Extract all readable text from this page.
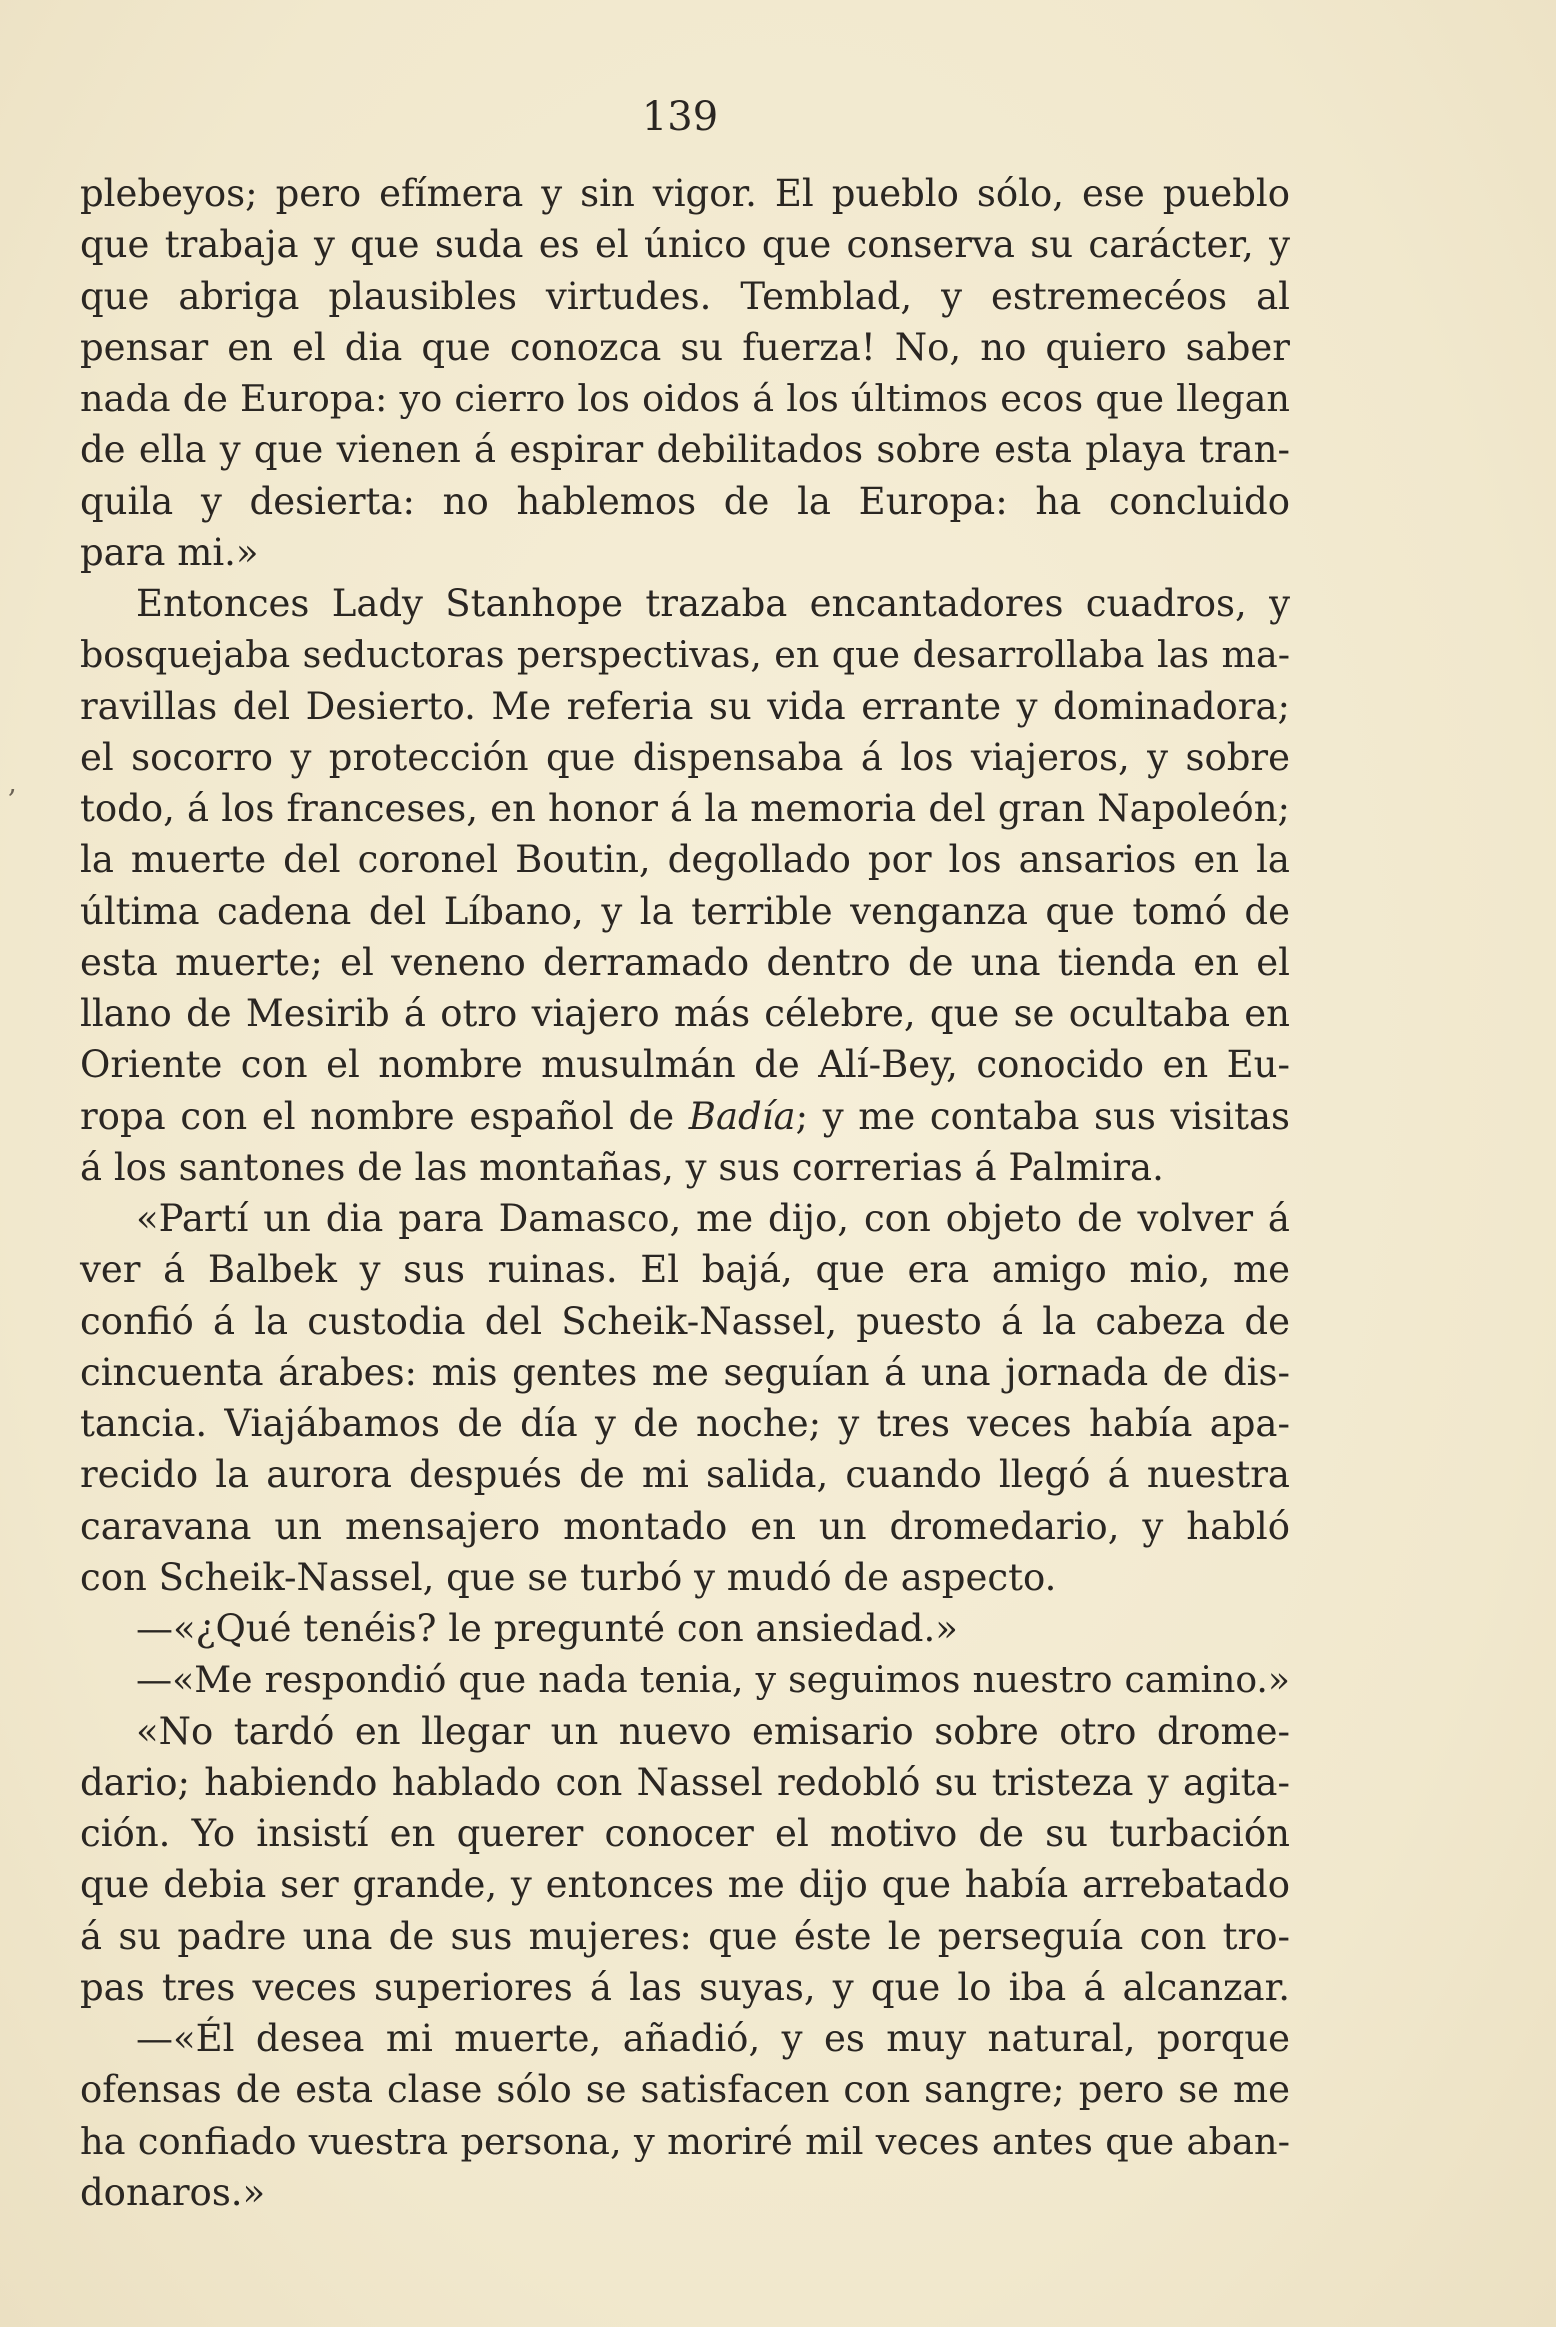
139
,
plebeyos; pero efímera y sin vigor. El pueblo sólo, ese pueblo
que trabaja y que suda es el único que conserva su carácter, y
que abriga plausibles virtudes. Temblad, y estremecéos al
pensar en el dia que conozca su fuerza! No, no quiero saber
nada de Europa: yo cierro los oidos á los últimos ecos que llegan
de ella y que vienen á espirar debilitados sobre esta playa tran-
quila y desierta: no hablemos de la Europa: ha concluido
para mi.»
Entonces Lady Stanhope trazaba encantadores cuadros, y
bosquejaba seductoras perspectivas, en que desarrollaba las ma-
ravillas del Desierto. Me referia su vida errante y dominadora;
el socorro y protección que dispensaba á los viajeros, y sobre
todo, á los franceses, en honor á la memoria del gran Napoleón;
la muerte del coronel Boutin, degollado por los ansarios en la
última cadena del Líbano, y la terrible venganza que tomó de
esta muerte; el veneno derramado dentro de una tienda en el
llano de Mesirib á otro viajero más célebre, que se ocultaba en
Oriente con el nombre musulmán de Alí-Bey, conocido en Eu-
ropa con el nombre español de Badía; y me contaba sus visitas
á los santones de las montañas, y sus correrias á Palmira.
«Partí un dia para Damasco, me dijo, con objeto de volver á
ver á Balbek y sus ruinas. El bajá, que era amigo mio, me
confió á la custodia del Scheik-Nassel, puesto á la cabeza de
cincuenta árabes: mis gentes me seguían á una jornada de dis-
tancia. Viajábamos de día y de noche; y tres veces había apa-
recido la aurora después de mi salida, cuando llegó á nuestra
caravana un mensajero montado en un dromedario, y habló
con Scheik-Nassel, que se turbó y mudó de aspecto.
—«¿Qué tenéis? le pregunté con ansiedad.»
—«Me respondió que nada tenia, y seguimos nuestro camino.»
«No tardó en llegar un nuevo emisario sobre otro drome-
dario; habiendo hablado con Nassel redobló su tristeza y agita-
ción. Yo insistí en querer conocer el motivo de su turbación
que debia ser grande, y entonces me dijo que había arrebatado
á su padre una de sus mujeres: que éste le perseguía con tro-
pas tres veces superiores á las suyas, y que lo iba á alcanzar.
—«Él desea mi muerte, añadió, y es muy natural, porque
ofensas de esta clase sólo se satisfacen con sangre; pero se me
ha confiado vuestra persona, y moriré mil veces antes que aban-
donaros.»
